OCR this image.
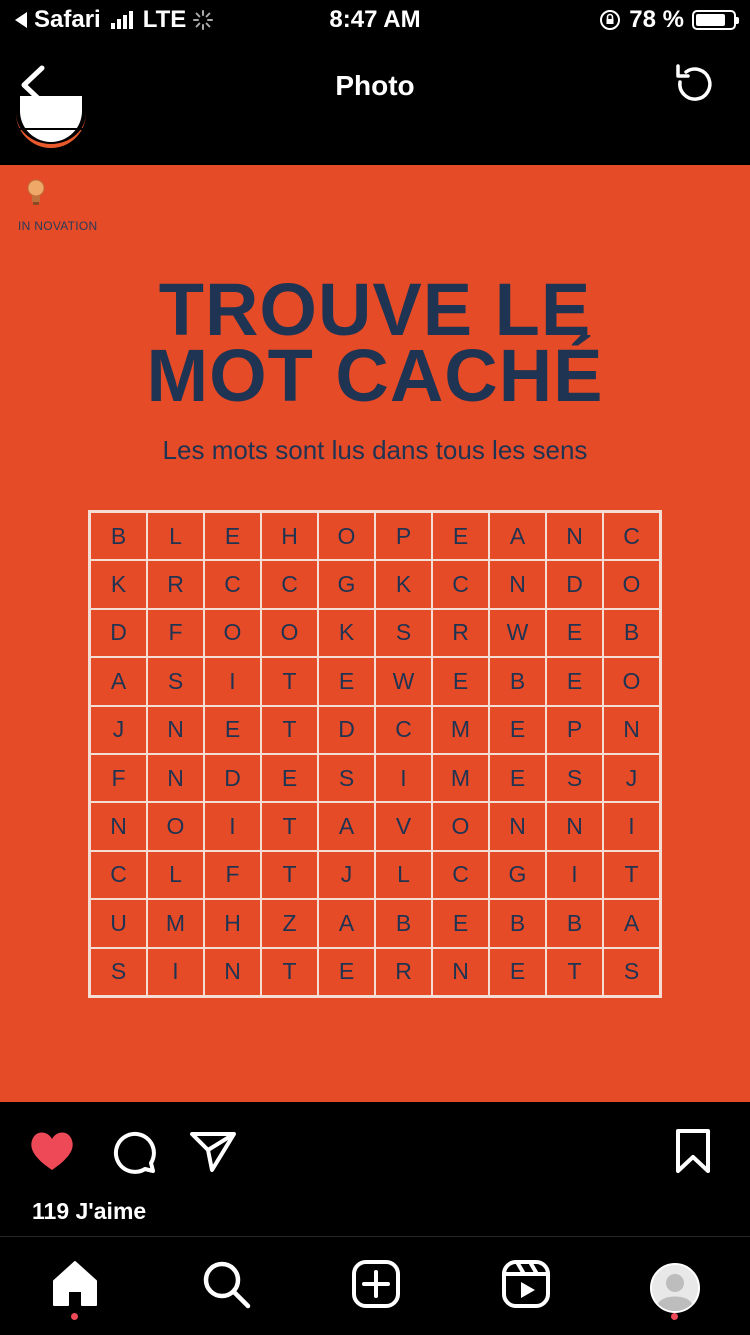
Safari LTE	8:47 AM	78 %
Photo
IN NOVATION
TROUVE LE
MOT CACHÉ
Les mots sont lus dans tous les sens
B	L	E	H	O	P	E	A	N	C
K	R	C	C	G	K	C	N	D	O
D	F	O	O	K	S	R	W	E	B
A	S	I	T	E	W	E	B	E	O
J	N	E	T	D	C	M	E	P	N
F	N	D	E	S	I	M	E	S	J
N	O	I	T	A	V	O	N	N	I
C	L	F	T	J	L	C	G	I	T
U	M	H	Z	A	B	E	B	B	A
S	I	N	T	E	R	N	E	T	S
119 J'aime
